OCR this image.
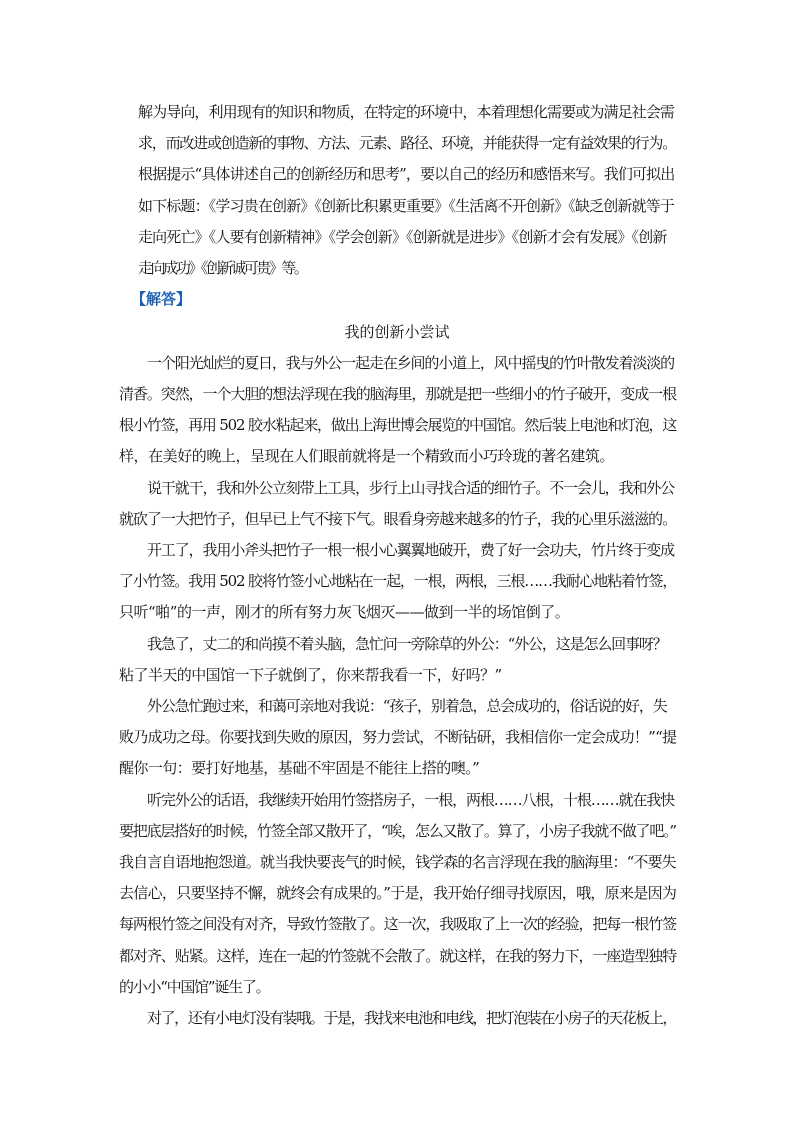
解为导向，利用现有的知识和物质，在特定的环境中，本着理想化需要或为满足社会需
求，而改进或创造新的事物、方法、元素、路径、环境，并能获得一定有益效果的行为。
根据提示“具体讲述自己的创新经历和思考”，要以自己的经历和感悟来写。我们可拟出
如下标题：《学习贵在创新》《创新比积累更重要》《生活离不开创新》《缺乏创新就等于
走向死亡》《人要有创新精神》《学会创新》《创新就是进步》《创新才会有发展》《创新
走向成功》《创新诚可贵》等。
【解答】
我的创新小尝试
一个阳光灿烂的夏日，我与外公一起走在乡间的小道上，风中摇曳的竹叶散发着淡淡的
清香。突然，一个大胆的想法浮现在我的脑海里，那就是把一些细小的竹子破开，变成一根
根小竹签，再用 502 胶水粘起来，做出上海世博会展览的中国馆。然后装上电池和灯泡，这
样，在美好的晚上，呈现在人们眼前就将是一个精致而小巧玲珑的著名建筑。
说干就干，我和外公立刻带上工具，步行上山寻找合适的细竹子。不一会儿，我和外公
就砍了一大把竹子，但早已上气不接下气。眼看身旁越来越多的竹子，我的心里乐滋滋的。
开工了，我用小斧头把竹子一根一根小心翼翼地破开，费了好一会功夫，竹片终于变成
了小竹签。我用 502 胶将竹签小心地粘在一起，一根，两根，三根……我耐心地粘着竹签，
只听“啪”的一声，刚才的所有努力灰飞烟灭——做到一半的场馆倒了。
我急了，丈二的和尚摸不着头脑，急忙问一旁除草的外公：“外公，这是怎么回事呀？
粘了半天的中国馆一下子就倒了，你来帮我看一下，好吗？”
外公急忙跑过来，和蔼可亲地对我说：“孩子，别着急，总会成功的，俗话说的好，失
败乃成功之母。你要找到失败的原因，努力尝试，不断钻研，我相信你一定会成功！”“提
醒你一句：要打好地基，基础不牢固是不能往上搭的噢。”
听完外公的话语，我继续开始用竹签搭房子，一根，两根……八根，十根……就在我快
要把底层搭好的时候，竹签全部又散开了，“唉，怎么又散了。算了，小房子我就不做了吧。”
我自言自语地抱怨道。就当我快要丧气的时候，钱学森的名言浮现在我的脑海里：“不要失
去信心，只要坚持不懈，就终会有成果的。”于是，我开始仔细寻找原因，哦，原来是因为
每两根竹签之间没有对齐，导致竹签散了。这一次，我吸取了上一次的经验，把每一根竹签
都对齐、贴紧。这样，连在一起的竹签就不会散了。就这样，在我的努力下，一座造型独特
的小小“中国馆”诞生了。
对了，还有小电灯没有装哦。于是，我找来电池和电线，把灯泡装在小房子的天花板上，
